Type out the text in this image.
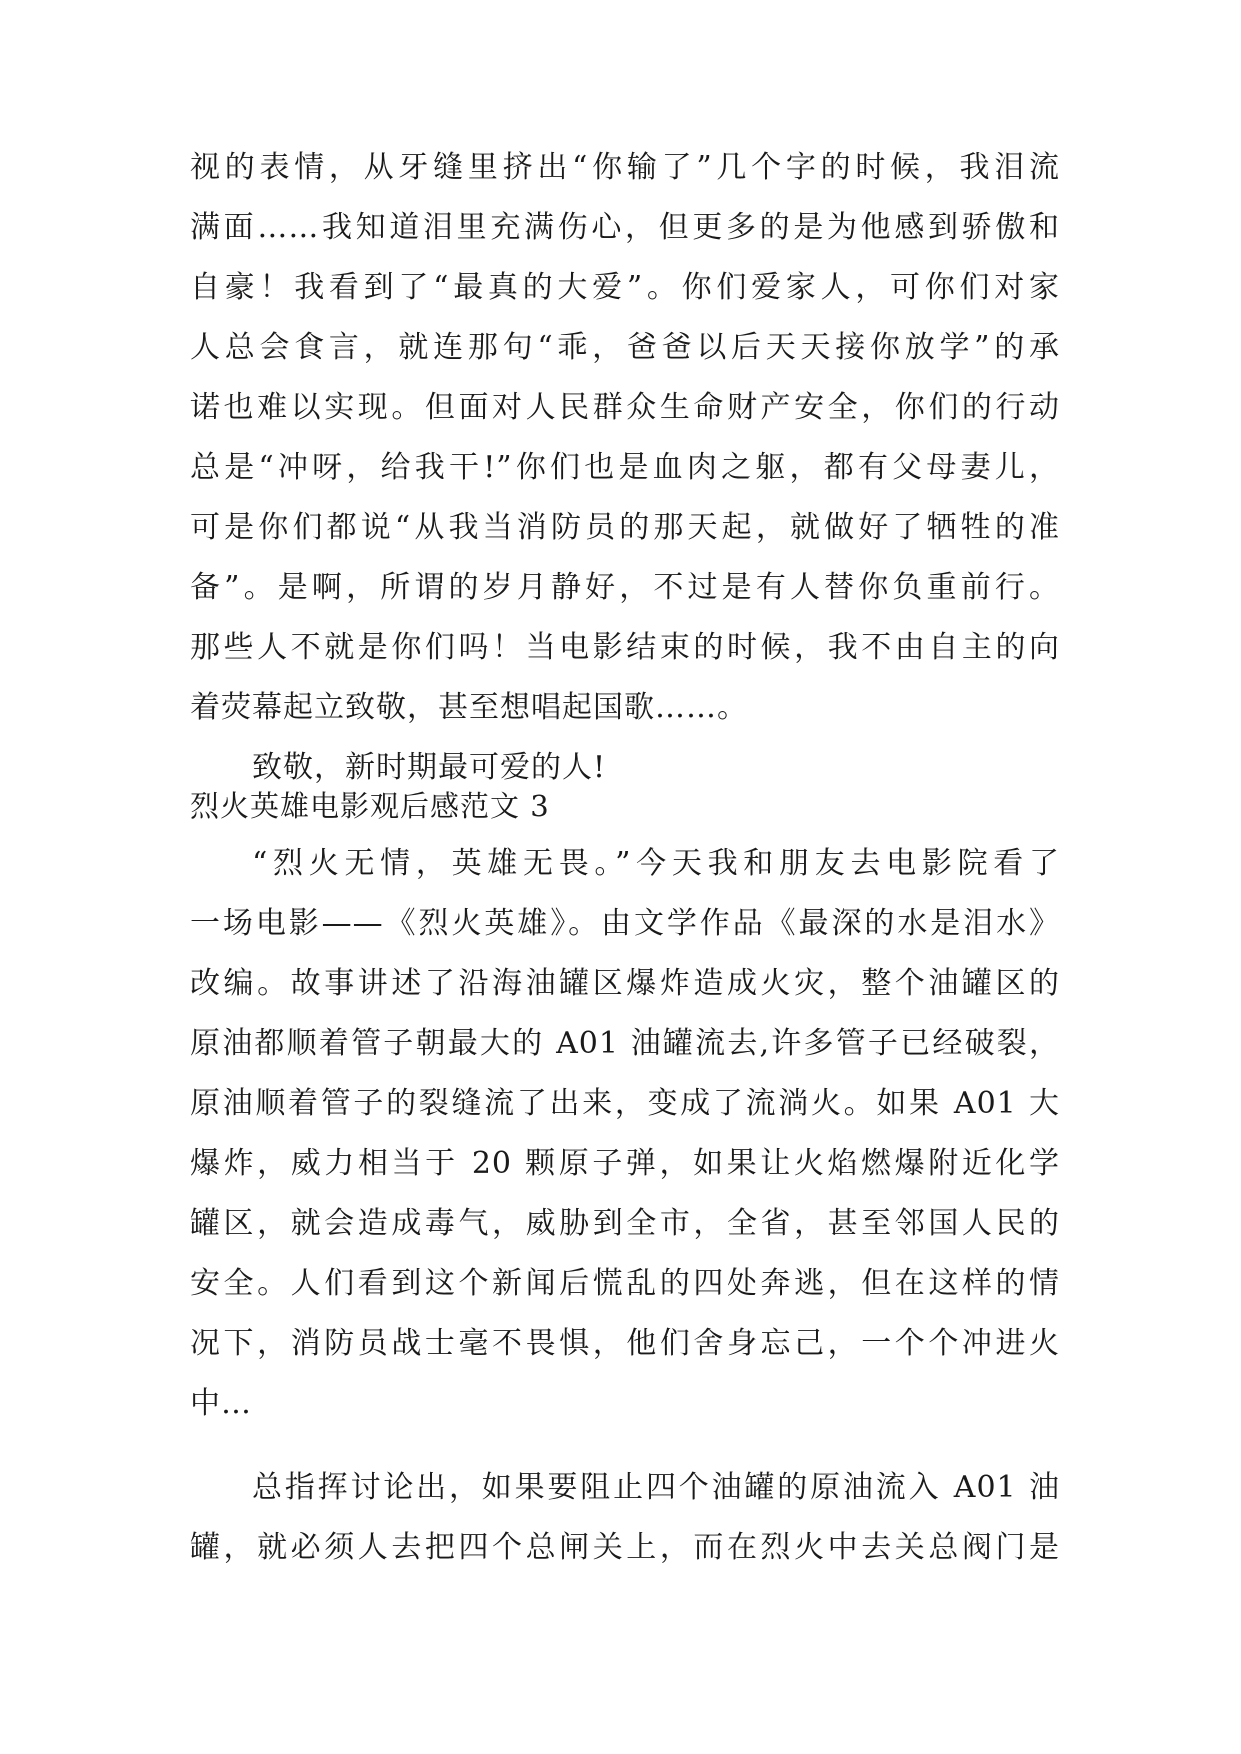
视的表情，从牙缝里挤出“你输了”几个字的时候，我泪流
满面……我知道泪里充满伤心，但更多的是为他感到骄傲和
自豪！我看到了“最真的大爱”。你们爱家人，可你们对家
人总会食言，就连那句“乖，爸爸以后天天接你放学”的承
诺也难以实现。但面对人民群众生命财产安全，你们的行动
总是“冲呀，给我干!”你们也是血肉之躯，都有父母妻儿，
可是你们都说“从我当消防员的那天起，就做好了牺牲的准
备”。是啊，所谓的岁月静好，不过是有人替你负重前行。
那些人不就是你们吗！当电影结束的时候，我不由自主的向
着荧幕起立致敬，甚至想唱起国歌……。
致敬，新时期最可爱的人!
烈火英雄电影观后感范文 3
“烈火无情，英雄无畏。”今天我和朋友去电影院看了
一场电影——《烈火英雄》。由文学作品《最深的水是泪水》
改编。故事讲述了沿海油罐区爆炸造成火灾，整个油罐区的
原油都顺着管子朝最大的 A01 油罐流去,许多管子已经破裂，
原油顺着管子的裂缝流了出来，变成了流淌火。如果 A01 大
爆炸，威力相当于 20 颗原子弹，如果让火焰燃爆附近化学
罐区，就会造成毒气，威胁到全市，全省，甚至邻国人民的
安全。人们看到这个新闻后慌乱的四处奔逃，但在这样的情
况下，消防员战士毫不畏惧，他们舍身忘己，一个个冲进火
中…
总指挥讨论出，如果要阻止四个油罐的原油流入 A01 油
罐，就必须人去把四个总闸关上，而在烈火中去关总阀门是
